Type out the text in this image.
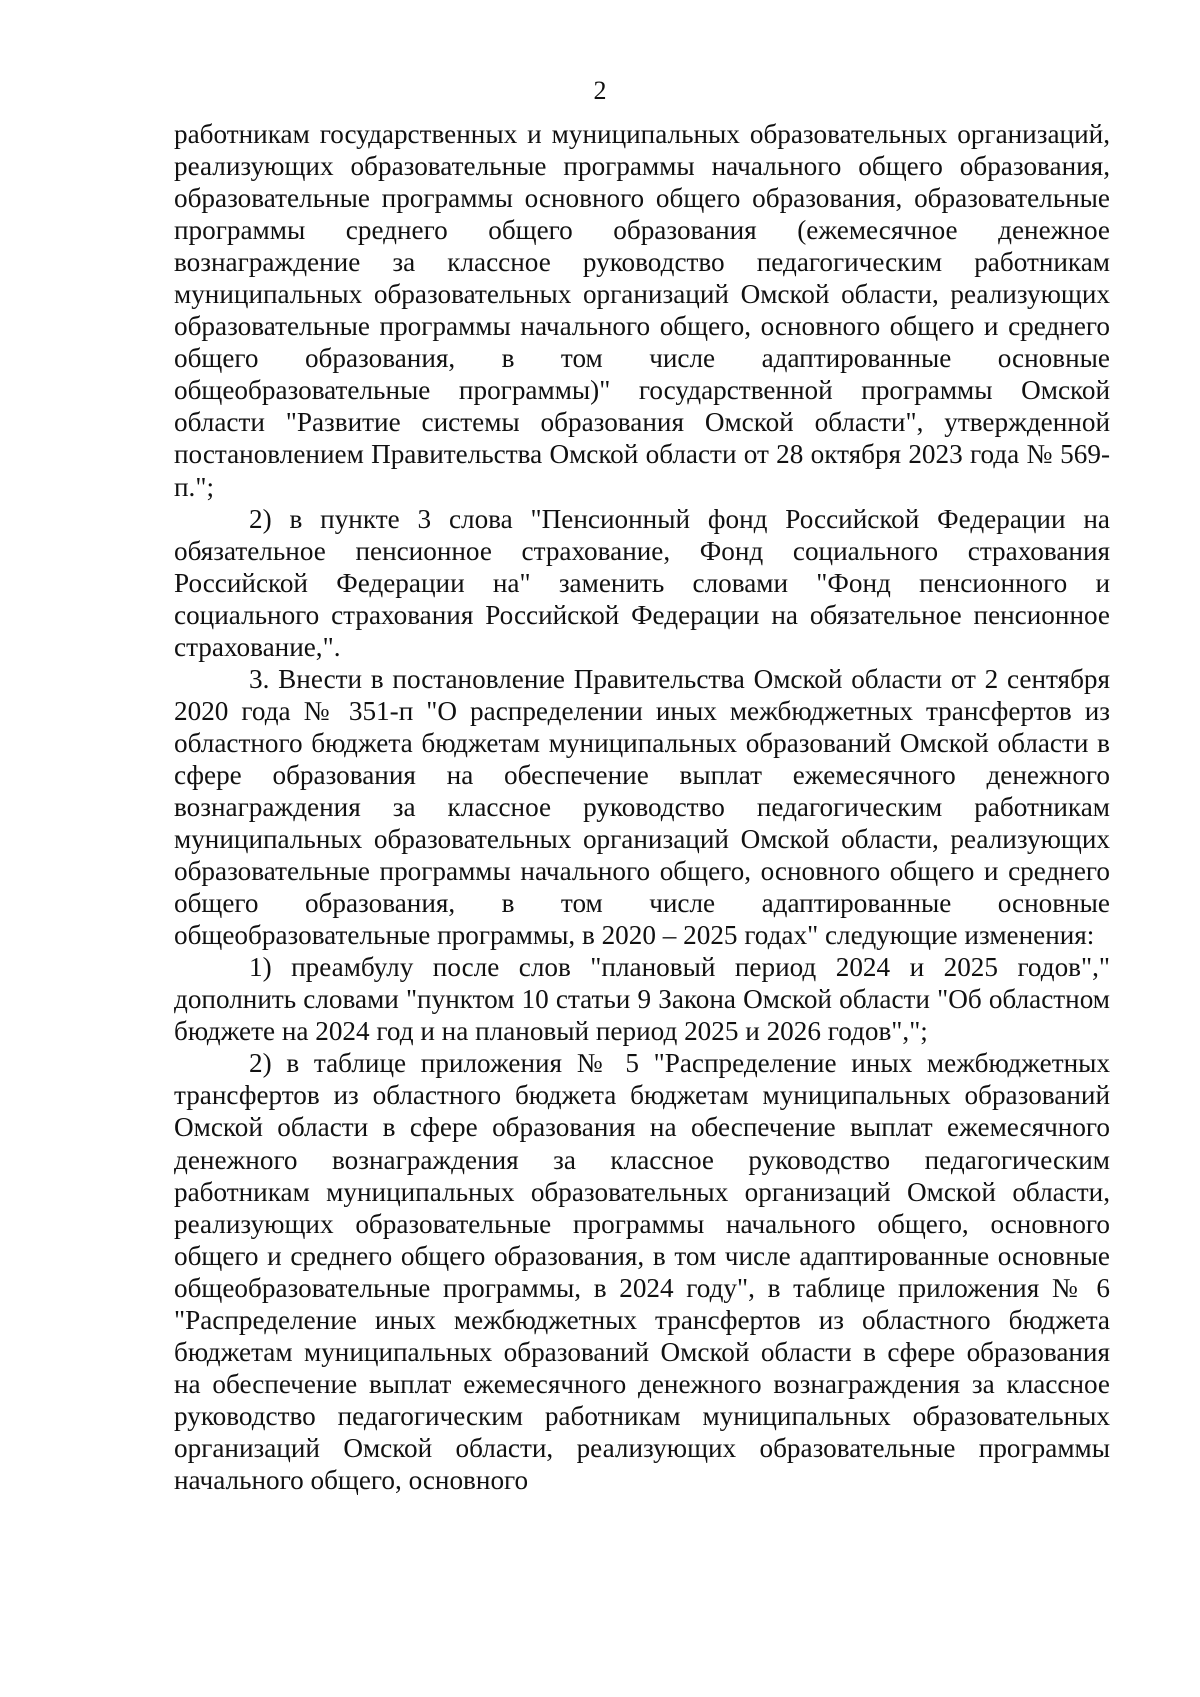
2

работникам государственных и муниципальных образовательных организаций, реализующих образовательные программы начального общего образования, образовательные программы основного общего образования, образовательные программы среднего общего образования (ежемесячное денежное вознаграждение за классное руководство педагогическим работникам муниципальных образовательных организаций Омской области, реализующих образовательные программы начального общего, основного общего и среднего общего образования, в том числе адаптированные основные общеобразовательные программы)" государственной программы Омской области "Развитие системы образования Омской области", утвержденной постановлением Правительства Омской области от 28 октября 2023 года № 569-п.";

2) в пункте 3 слова "Пенсионный фонд Российской Федерации на обязательное пенсионное страхование, Фонд социального страхования Российской Федерации на" заменить словами "Фонд пенсионного и социального страхования Российской Федерации на обязательное пенсионное страхование,".

3. Внести в постановление Правительства Омской области от 2 сентября 2020 года № 351-п "О распределении иных межбюджетных трансфертов из областного бюджета бюджетам муниципальных образований Омской области в сфере образования на обеспечение выплат ежемесячного денежного вознаграждения за классное руководство педагогическим работникам муниципальных образовательных организаций Омской области, реализующих образовательные программы начального общего, основного общего и среднего общего образования, в том числе адаптированные основные общеобразовательные программы, в 2020 – 2025 годах" следующие изменения:

1) преамбулу после слов "плановый период 2024 и 2025 годов"," дополнить словами "пунктом 10 статьи 9 Закона Омской области "Об областном бюджете на 2024 год и на плановый период 2025 и 2026 годов",";

2) в таблице приложения № 5 "Распределение иных межбюджетных трансфертов из областного бюджета бюджетам муниципальных образований Омской области в сфере образования на обеспечение выплат ежемесячного денежного вознаграждения за классное руководство педагогическим работникам муниципальных образовательных организаций Омской области, реализующих образовательные программы начального общего, основного общего и среднего общего образования, в том числе адаптированные основные общеобразовательные программы, в 2024 году", в таблице приложения № 6 "Распределение иных межбюджетных трансфертов из областного бюджета бюджетам муниципальных образований Омской области в сфере образования на обеспечение выплат ежемесячного денежного вознаграждения за классное руководство педагогическим работникам муниципальных образовательных организаций Омской области, реализующих образовательные программы начального общего, основного
